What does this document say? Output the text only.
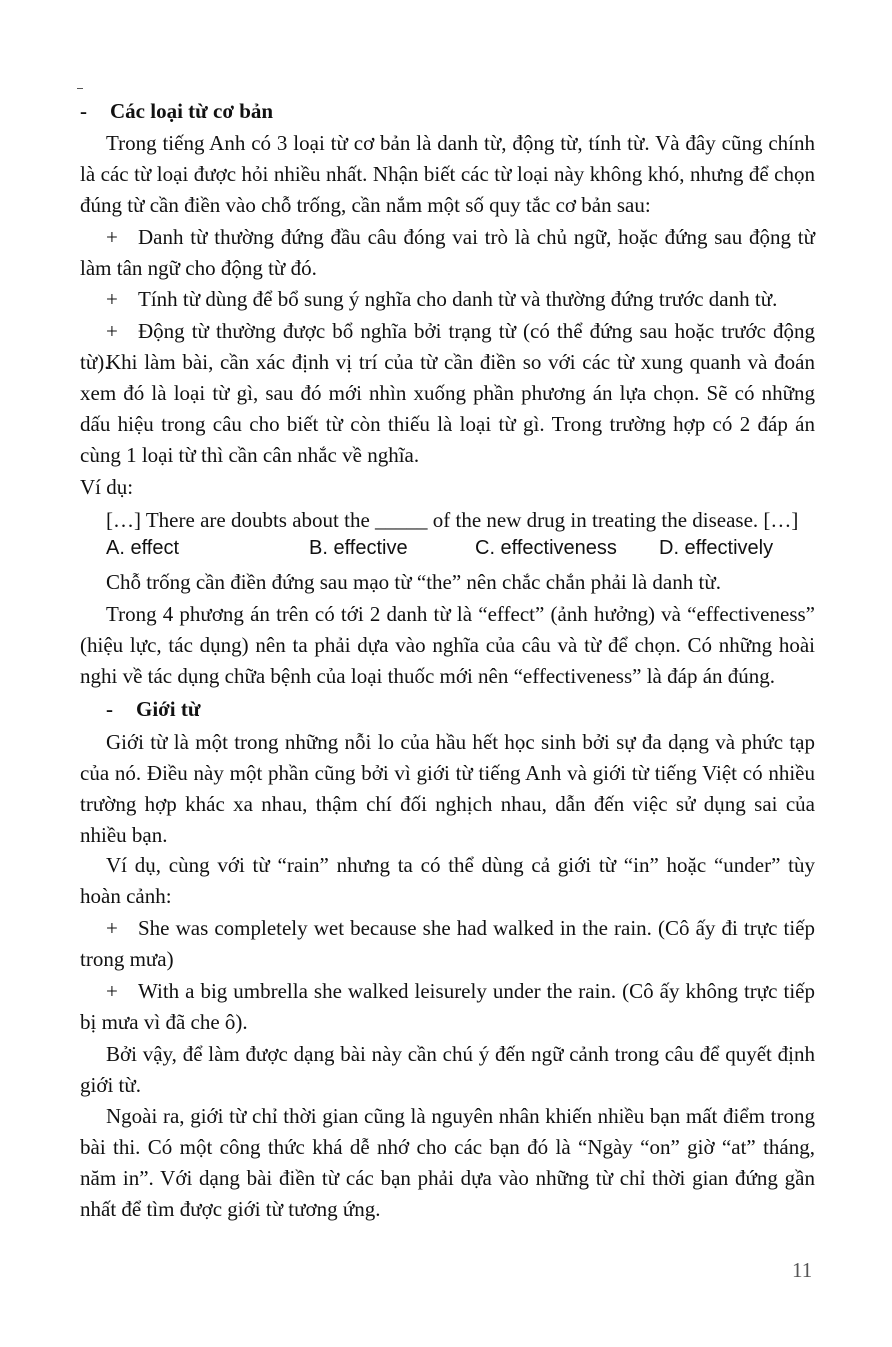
- Các loại từ cơ bản

Trong tiếng Anh có 3 loại từ cơ bản là danh từ, động từ, tính từ. Và đây cũng chính là các từ loại được hỏi nhiều nhất. Nhận biết các từ loại này không khó, nhưng để chọn đúng từ cần điền vào chỗ trống, cần nắm một số quy tắc cơ bản sau:

+ Danh từ thường đứng đầu câu đóng vai trò là chủ ngữ, hoặc đứng sau động từ làm tân ngữ cho động từ đó.

+ Tính từ dùng để bổ sung ý nghĩa cho danh từ và thường đứng trước danh từ.

+ Động từ thường được bổ nghĩa bởi trạng từ (có thể đứng sau hoặc trước động từ).

Khi làm bài, cần xác định vị trí của từ cần điền so với các từ xung quanh và đoán xem đó là loại từ gì, sau đó mới nhìn xuống phần phương án lựa chọn. Sẽ có những dấu hiệu trong câu cho biết từ còn thiếu là loại từ gì. Trong trường hợp có 2 đáp án cùng 1 loại từ thì cần cân nhắc về nghĩa.

Ví dụ:
[…] There are doubts about the _____ of the new drug in treating the disease. […]
A. effect	B. effective	C. effectiveness D. effectively

Chỗ trống cần điền đứng sau mạo từ “the” nên chắc chắn phải là danh từ.

Trong 4 phương án trên có tới 2 danh từ là “effect” (ảnh hưởng) và “effectiveness” (hiệu lực, tác dụng) nên ta phải dựa vào nghĩa của câu và từ để chọn. Có những hoài nghi về tác dụng chữa bệnh của loại thuốc mới nên “effectiveness” là đáp án đúng.

- Giới từ

Giới từ là một trong những nỗi lo của hầu hết học sinh bởi sự đa dạng và phức tạp của nó. Điều này một phần cũng bởi vì giới từ tiếng Anh và giới từ tiếng Việt có nhiều trường hợp khác xa nhau, thậm chí đối nghịch nhau, dẫn đến việc sử dụng sai của nhiều bạn.

Ví dụ, cùng với từ “rain” nhưng ta có thể dùng cả giới từ “in” hoặc “under” tùy hoàn cảnh:

+ She was completely wet because she had walked in the rain. (Cô ấy đi trực tiếp trong mưa)

+ With a big umbrella she walked leisurely under the rain. (Cô ấy không trực tiếp bị mưa vì đã che ô).

Bởi vậy, để làm được dạng bài này cần chú ý đến ngữ cảnh trong câu để quyết định giới từ.

Ngoài ra, giới từ chỉ thời gian cũng là nguyên nhân khiến nhiều bạn mất điểm trong bài thi. Có một công thức khá dễ nhớ cho các bạn đó là “Ngày “on” giờ “at” tháng, năm in”. Với dạng bài điền từ các bạn phải dựa vào những từ chỉ thời gian đứng gần nhất để tìm được giới từ tương ứng.

11
